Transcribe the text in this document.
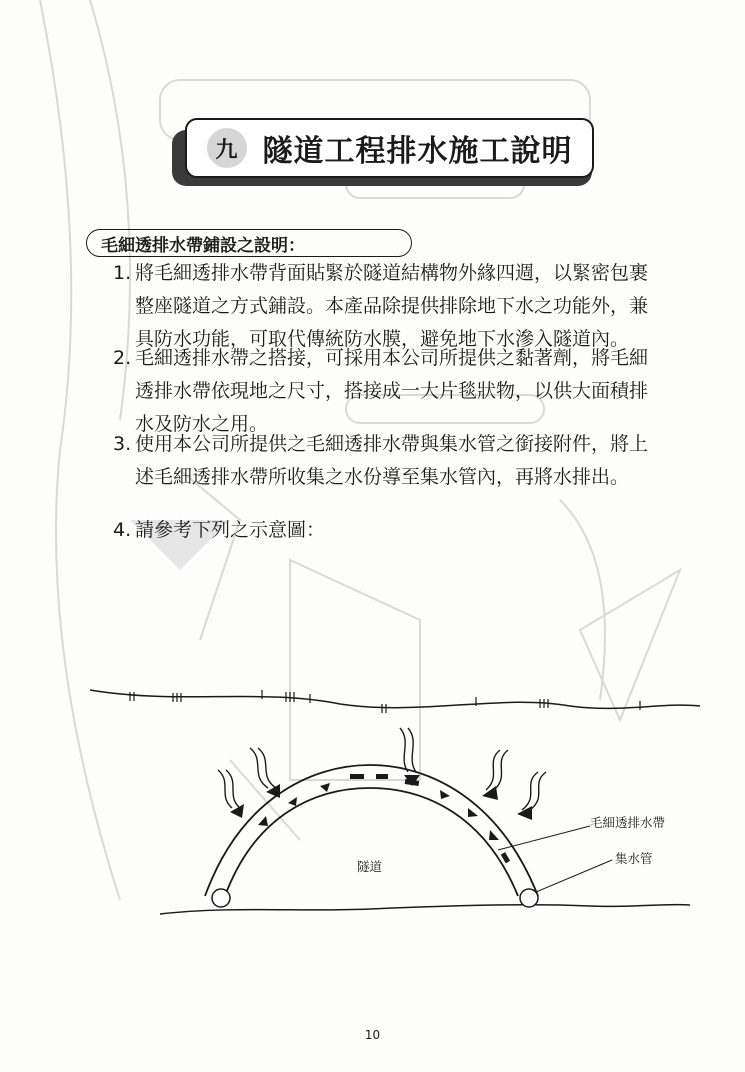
九 隧道工程排水施工說明
毛細透排水帶鋪設之設明：
1. 將毛細透排水帶背面貼緊於隧道結構物外緣四週，以緊密包裹
整座隧道之方式鋪設。本產品除提供排除地下水之功能外，兼
具防水功能，可取代傳統防水膜，避免地下水滲入隧道內。
2. 毛細透排水帶之搭接，可採用本公司所提供之黏著劑，將毛細
透排水帶依現地之尺寸，搭接成一大片毯狀物，以供大面積排
水及防水之用。
3. 使用本公司所提供之毛細透排水帶與集水管之銜接附件，將上
述毛細透排水帶所收集之水份導至集水管內，再將水排出。
4. 請參考下列之示意圖：
隧道
毛細透排水帶
集水管
10
